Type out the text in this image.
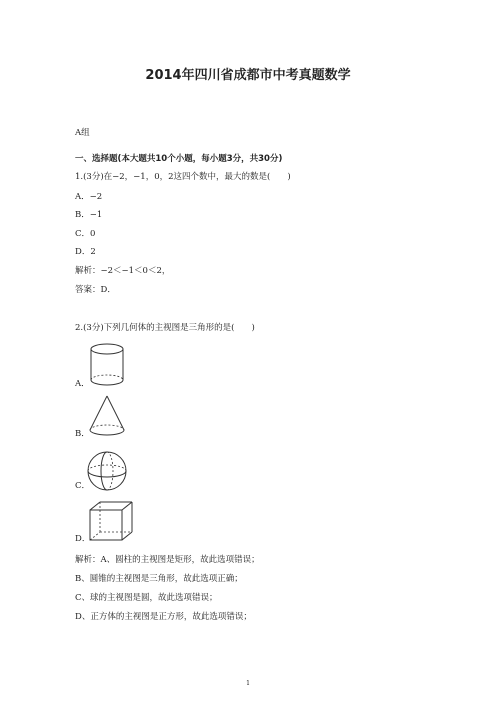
2014年四川省成都市中考真题数学
A组
一、选择题(本大题共10个小题，每小题3分，共30分)
1.(3分)在−2，−1，0，2这四个数中，最大的数是(　　)
A．−2
B．−1
C．0
D．2
解析：−2＜−1＜0＜2，
答案：D．
2.(3分)下列几何体的主视图是三角形的是(　　)
A．
B．
C．
D．
解析：A、圆柱的主视图是矩形，故此选项错误；
B、圆锥的主视图是三角形，故此选项正确；
C、球的主视图是圆，故此选项错误；
D、正方体的主视图是正方形，故此选项错误；
1
